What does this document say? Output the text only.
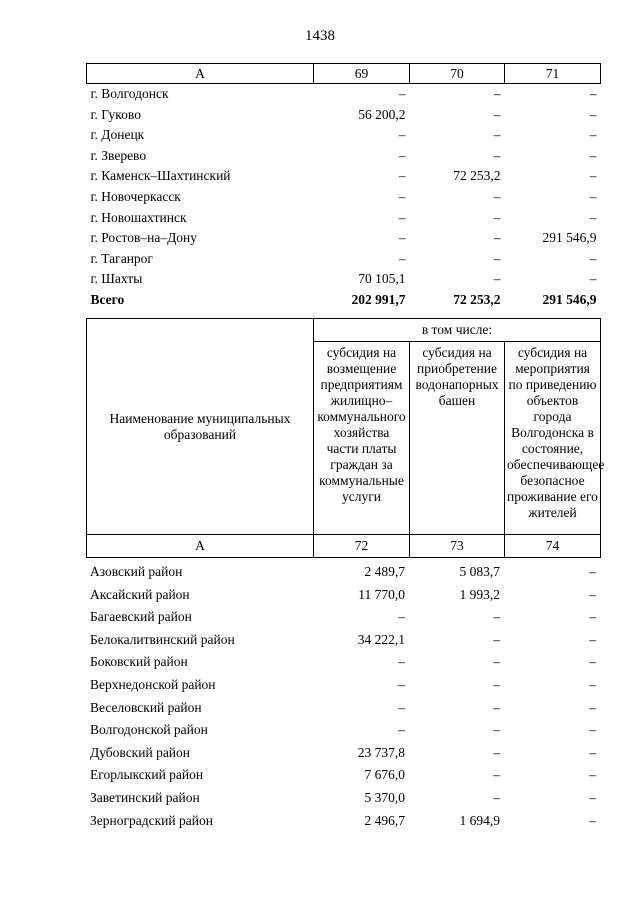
1438
А	69	70	71
г. Волгодонск	–	–	–
г. Гуково	56 200,2	–	–
г. Донецк	–	–	–
г. Зверево	–	–	–
г. Каменск–Шахтинский	–	72 253,2	–
г. Новочеркасск	–	–	–
г. Новошахтинск	–	–	–
г. Ростов–на–Дону	–	–	291 546,9
г. Таганрог	–	–	–
г. Шахты	70 105,1	–	–
Всего	202 991,7	72 253,2	291 546,9
Наименование муниципальных образований	в том числе:		
	субсидия на возмещение предприятиям жилищно–коммунального хозяйства части платы граждан за коммунальные услуги	субсидия на приобретение водонапорных башен	субсидия на мероприятия по приведению объектов города Волгодонска в состояние, обеспечивающее безопасное проживание его жителей
А	72	73	74
Азовский район	2 489,7	5 083,7	–
Аксайский район	11 770,0	1 993,2	–
Багаевский район	–	–	–
Белокалитвинский район	34 222,1	–	–
Боковский район	–	–	–
Верхнедонской район	–	–	–
Веселовский район	–	–	–
Волгодонской район	–	–	–
Дубовский район	23 737,8	–	–
Егорлыкский район	7 676,0	–	–
Заветинский район	5 370,0	–	–
Зерноградский район	2 496,7	1 694,9	–
